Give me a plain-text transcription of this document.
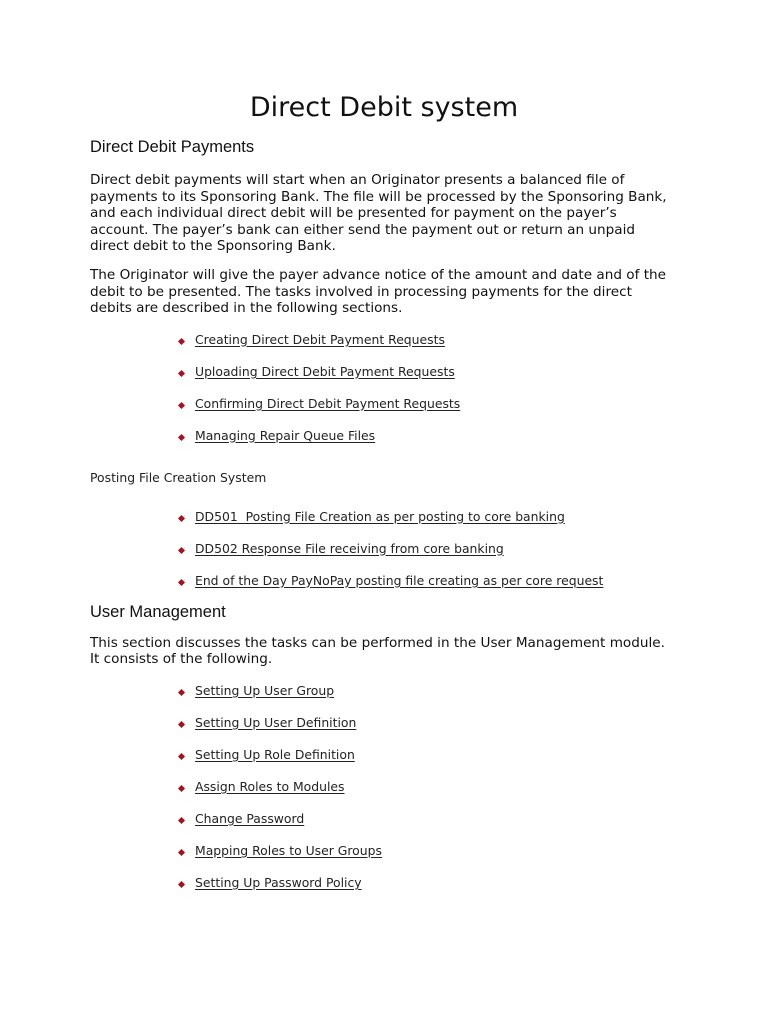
Direct Debit system
Direct Debit Payments

Direct debit payments will start when an Originator presents a balanced file of payments to its Sponsoring Bank. The file will be processed by the Sponsoring Bank, and each individual direct debit will be presented for payment on the payer’s account. The payer’s bank can either send the payment out or return an unpaid direct debit to the Sponsoring Bank.

The Originator will give the payer advance notice of the amount and date and of the debit to be presented. The tasks involved in processing payments for the direct debits are described in the following sections.

Creating Direct Debit Payment Requests
Uploading Direct Debit Payment Requests
Confirming Direct Debit Payment Requests
Managing Repair Queue Files
Posting File Creation System
DD501  Posting File Creation as per posting to core banking
DD502 Response File receiving from core banking
End of the Day PayNoPay posting file creating as per core request
User Management

This section discusses the tasks can be performed in the User Management module. It consists of the following.

Setting Up User Group
Setting Up User Definition
Setting Up Role Definition
Assign Roles to Modules
Change Password
Mapping Roles to User Groups
Setting Up Password Policy
